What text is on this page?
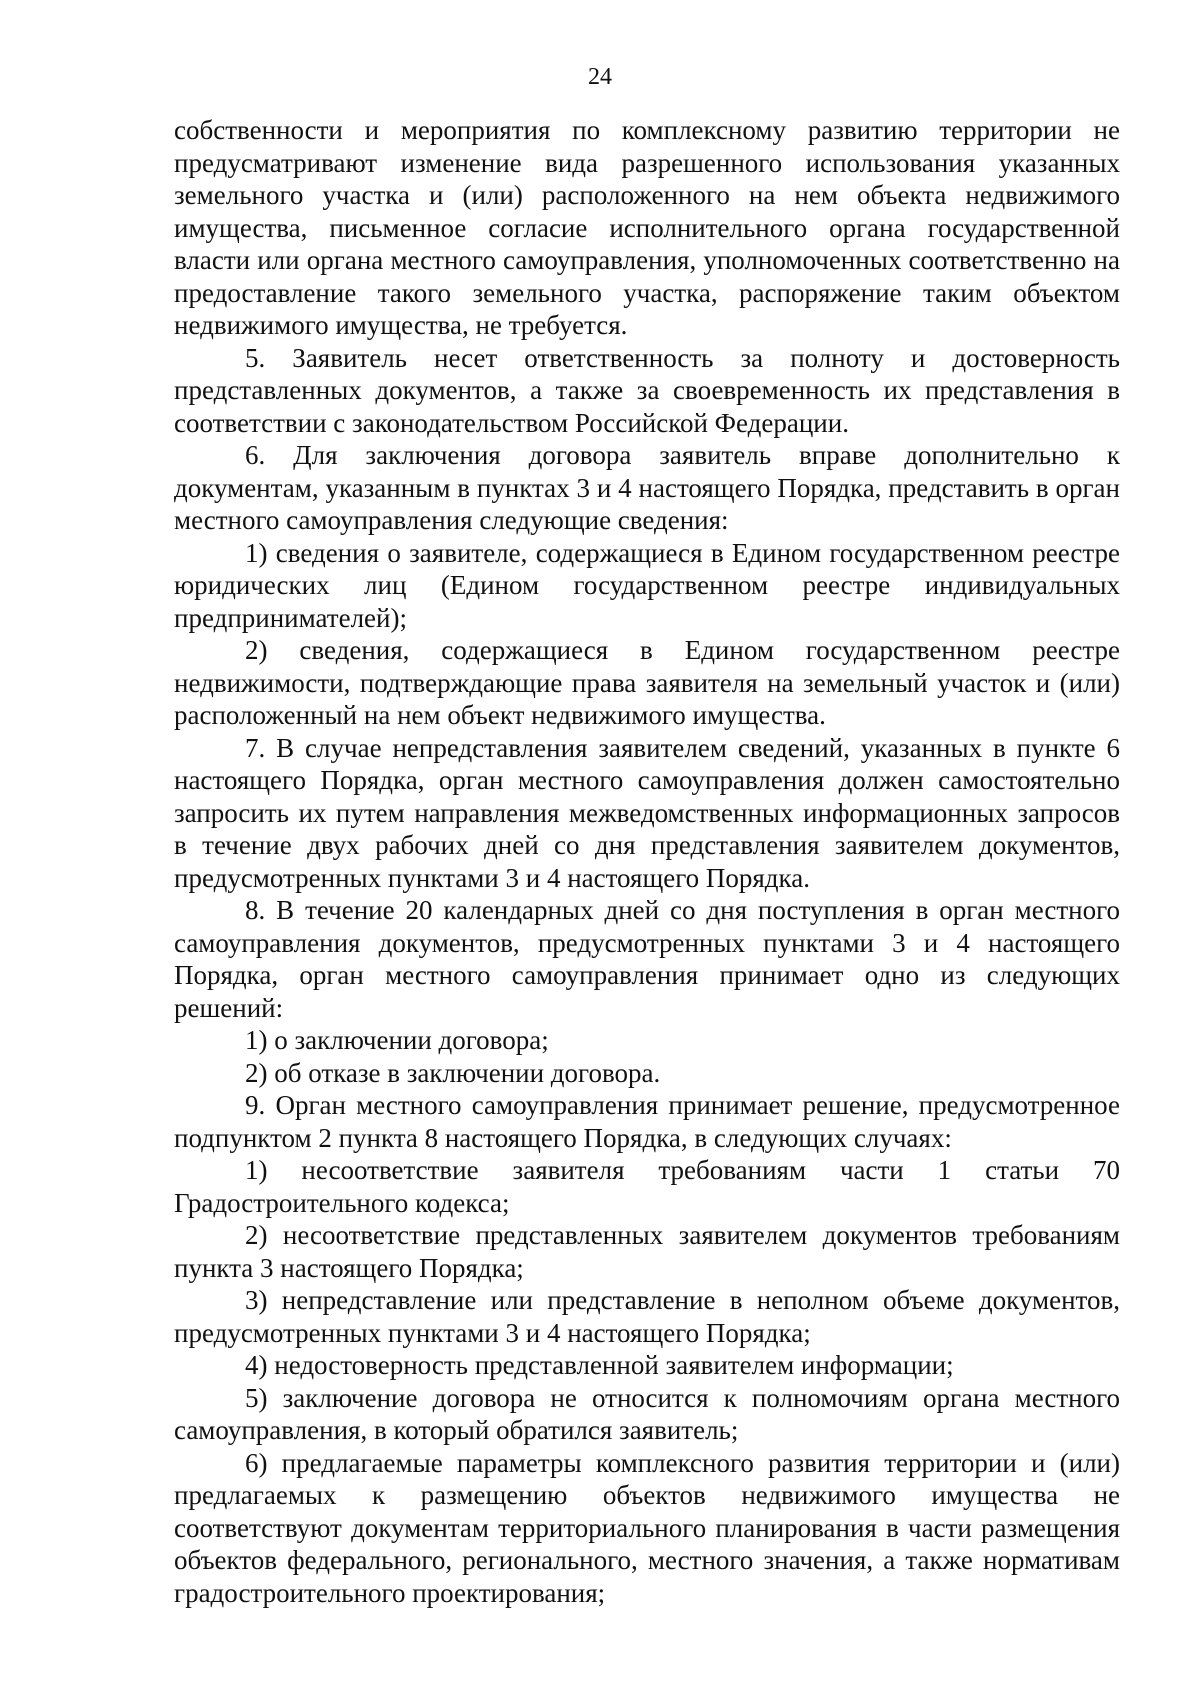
24

собственности и мероприятия по комплексному развитию территории не предусматривают изменение вида разрешенного использования указанных земельного участка и (или) расположенного на нем объекта недвижимого имущества, письменное согласие исполнительного органа государственной власти или органа местного самоуправления, уполномоченных соответственно на предоставление такого земельного участка, распоряжение таким объектом недвижимого имущества, не требуется.

5. Заявитель несет ответственность за полноту и достоверность представленных документов, а также за своевременность их представления в соответствии с законодательством Российской Федерации.

6. Для заключения договора заявитель вправе дополнительно к документам, указанным в пунктах 3 и 4 настоящего Порядка, представить в орган местного самоуправления следующие сведения:

1) сведения о заявителе, содержащиеся в Едином государственном реестре юридических лиц (Едином государственном реестре индивидуальных предпринимателей);

2) сведения, содержащиеся в Едином государственном реестре недвижимости, подтверждающие права заявителя на земельный участок и (или) расположенный на нем объект недвижимого имущества.

7. В случае непредставления заявителем сведений, указанных в пункте 6 настоящего Порядка, орган местного самоуправления должен самостоятельно запросить их путем направления межведомственных информационных запросов в течение двух рабочих дней со дня представления заявителем документов, предусмотренных пунктами 3 и 4 настоящего Порядка.

8. В течение 20 календарных дней со дня поступления в орган местного самоуправления документов, предусмотренных пунктами 3 и 4 настоящего Порядка, орган местного самоуправления принимает одно из следующих решений:

1) о заключении договора;

2) об отказе в заключении договора.

9. Орган местного самоуправления принимает решение, предусмотренное подпунктом 2 пункта 8 настоящего Порядка, в следующих случаях:

1) несоответствие заявителя требованиям части 1 статьи 70 Градостроительного кодекса;

2) несоответствие представленных заявителем документов требованиям пункта 3 настоящего Порядка;

3) непредставление или представление в неполном объеме документов, предусмотренных пунктами 3 и 4 настоящего Порядка;

4) недостоверность представленной заявителем информации;

5) заключение договора не относится к полномочиям органа местного самоуправления, в который обратился заявитель;

6) предлагаемые параметры комплексного развития территории и (или) предлагаемых к размещению объектов недвижимого имущества не соответствуют документам территориального планирования в части размещения объектов федерального, регионального, местного значения, а также нормативам градостроительного проектирования;
